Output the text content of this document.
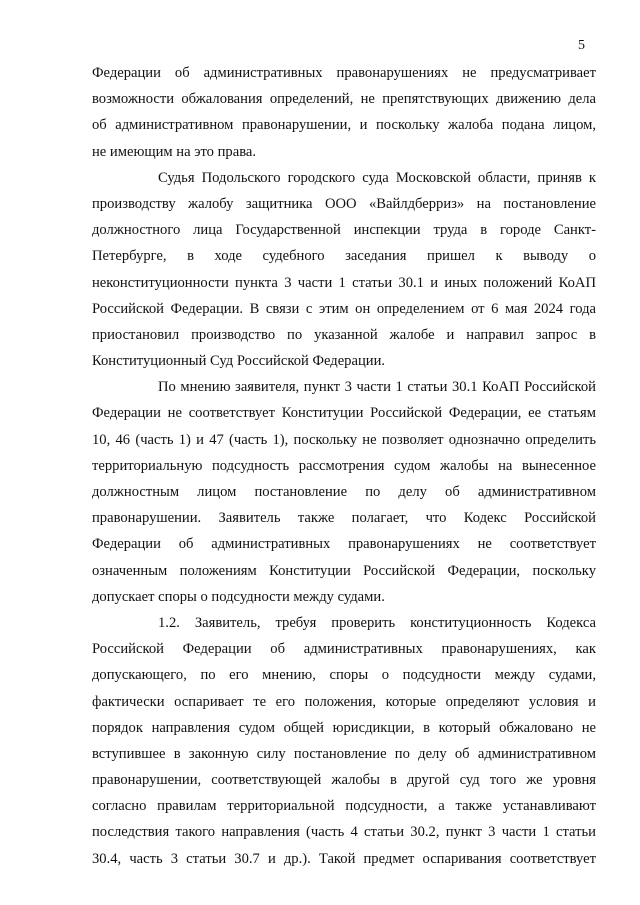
5
Федерации об административных правонарушениях не предусматривает
возможности обжалования определений, не препятствующих движению дела
об административном правонарушении, и поскольку жалоба подана лицом,
не имеющим на это права.
Судья Подольского городского суда Московской области, приняв к
производству жалобу защитника ООО «Вайлдберриз» на постановление
должностного лица Государственной инспекции труда в городе Санкт-
Петербурге, в ходе судебного заседания пришел к выводу о
неконституционности пункта 3 части 1 статьи 30.1 и иных положений КоАП
Российской Федерации. В связи с этим он определением от 6 мая 2024 года
приостановил производство по указанной жалобе и направил запрос в
Конституционный Суд Российской Федерации.
По мнению заявителя, пункт 3 части 1 статьи 30.1 КоАП Российской
Федерации не соответствует Конституции Российской Федерации, ее статьям
10, 46 (часть 1) и 47 (часть 1), поскольку не позволяет однозначно определить
территориальную подсудность рассмотрения судом жалобы на вынесенное
должностным лицом постановление по делу об административном
правонарушении. Заявитель также полагает, что Кодекс Российской
Федерации об административных правонарушениях не соответствует
означенным положениям Конституции Российской Федерации, поскольку
допускает споры о подсудности между судами.
1.2. Заявитель, требуя проверить конституционность Кодекса
Российской Федерации об административных правонарушениях, как
допускающего, по его мнению, споры о подсудности между судами,
фактически оспаривает те его положения, которые определяют условия и
порядок направления судом общей юрисдикции, в который обжаловано не
вступившее в законную силу постановление по делу об административном
правонарушении, соответствующей жалобы в другой суд того же уровня
согласно правилам территориальной подсудности, а также устанавливают
последствия такого направления (часть 4 статьи 30.2, пункт 3 части 1 статьи
30.4, часть 3 статьи 30.7 и др.). Такой предмет оспаривания соответствует
